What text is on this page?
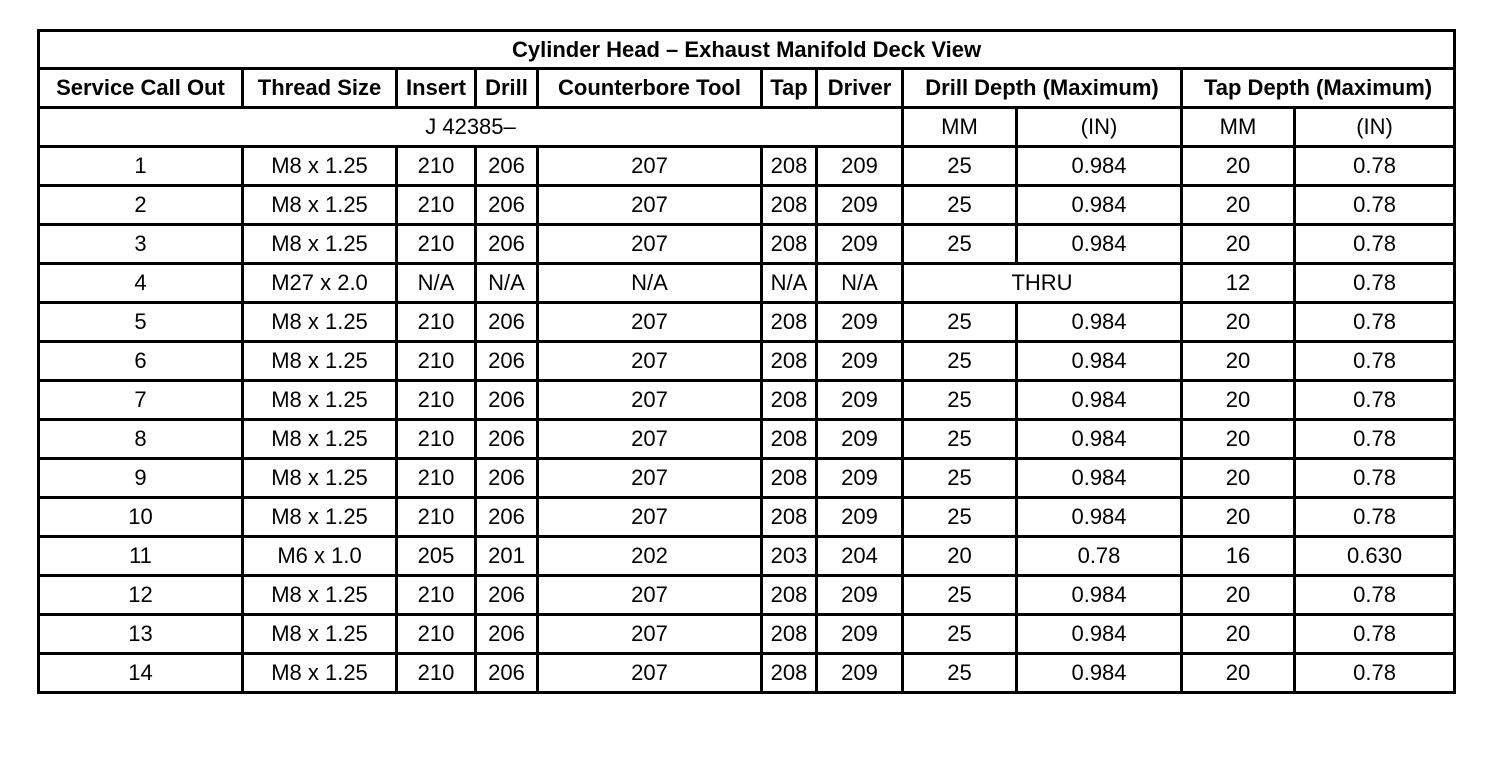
Cylinder Head – Exhaust Manifold Deck View										
Service Call Out	Thread Size	Insert	Drill	Counterbore Tool	Tap	Driver	Drill Depth (Maximum)		Tap Depth (Maximum)	
J 42385–							MM	(IN)	MM	(IN)
1	M8 x 1.25	210	206	207	208	209	25	0.984	20	0.78
2	M8 x 1.25	210	206	207	208	209	25	0.984	20	0.78
3	M8 x 1.25	210	206	207	208	209	25	0.984	20	0.78
4	M27 x 2.0	N/A	N/A	N/A	N/A	N/A	THRU		12	0.78
5	M8 x 1.25	210	206	207	208	209	25	0.984	20	0.78
6	M8 x 1.25	210	206	207	208	209	25	0.984	20	0.78
7	M8 x 1.25	210	206	207	208	209	25	0.984	20	0.78
8	M8 x 1.25	210	206	207	208	209	25	0.984	20	0.78
9	M8 x 1.25	210	206	207	208	209	25	0.984	20	0.78
10	M8 x 1.25	210	206	207	208	209	25	0.984	20	0.78
11	M6 x 1.0	205	201	202	203	204	20	0.78	16	0.630
12	M8 x 1.25	210	206	207	208	209	25	0.984	20	0.78
13	M8 x 1.25	210	206	207	208	209	25	0.984	20	0.78
14	M8 x 1.25	210	206	207	208	209	25	0.984	20	0.78
